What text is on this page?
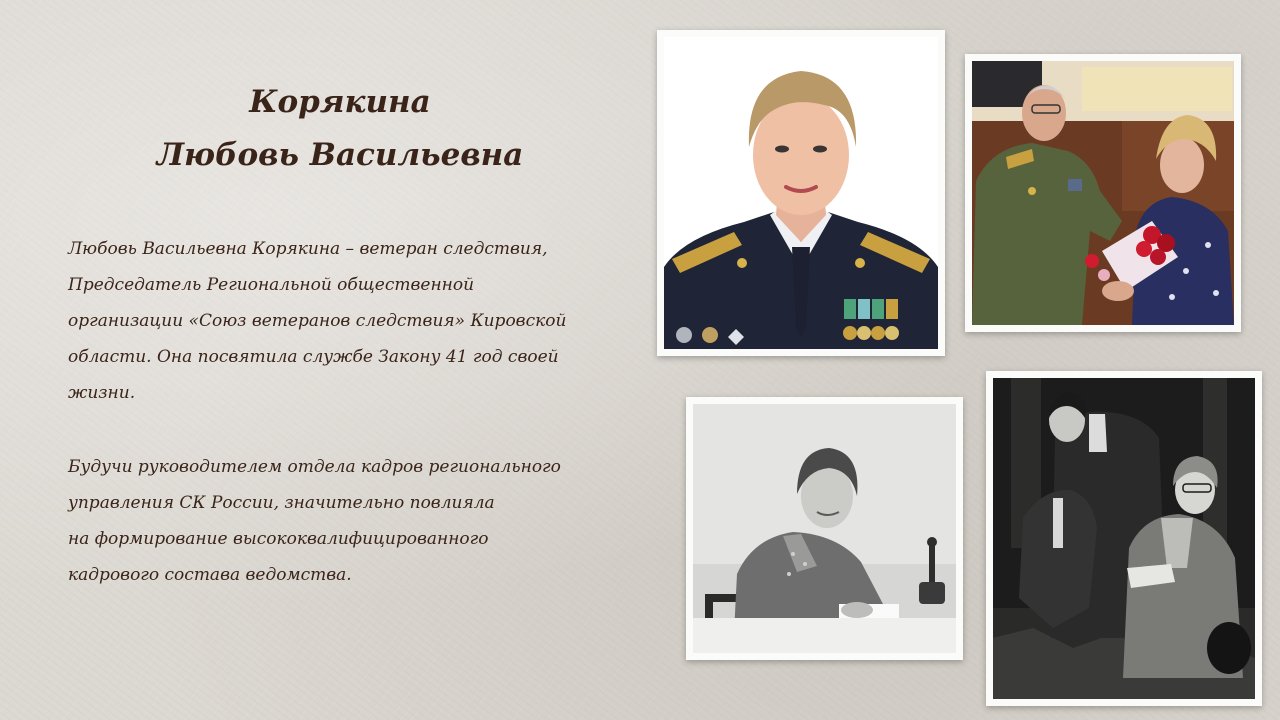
Корякина
Любовь Васильевна
Любовь Васильевна Корякина – ветеран следствия,
Председатель Региональной общественной
организации «Союз ветеранов следствия» Кировской
области. Она посвятила службе Закону 41 год своей
жизни.
Будучи руководителем отдела кадров регионального
управления СК России, значительно повлияла
на формирование высококвалифицированного
кадрового состава ведомства.
